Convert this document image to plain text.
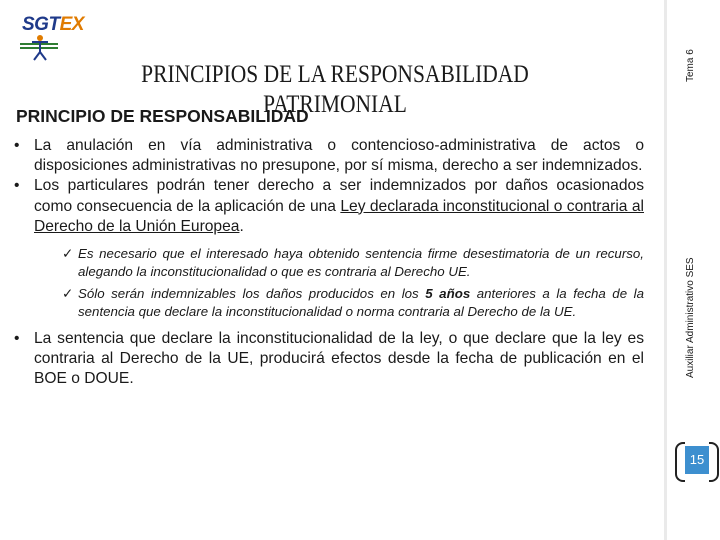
SGTEX
PRINCIPIOS DE LA RESPONSABILIDAD PATRIMONIAL
PRINCIPIO DE RESPONSABILIDAD
• La anulación en vía administrativa o contencioso-administrativa de actos o disposiciones administrativas no presupone, por sí misma, derecho a ser indemnizados.
• Los particulares podrán tener derecho a ser indemnizados por daños ocasionados como consecuencia de la aplicación de una Ley declarada inconstitucional o contraria al Derecho de la Unión Europea.
✓ Es necesario que el interesado haya obtenido sentencia firme desestimatoria de un recurso, alegando la inconstitucionalidad o que es contraria al Derecho UE.
✓ Sólo serán indemnizables los daños producidos en los 5 años anteriores a la fecha de la sentencia que declare la inconstitucionalidad o norma contraria al Derecho de la UE.
• La sentencia que declare la inconstitucionalidad de la ley, o que declare que la ley es contraria al Derecho de la UE, producirá efectos desde la fecha de publicación en el BOE o DOUE.
Tema 6
Auxiliar Administrativo SES
15
